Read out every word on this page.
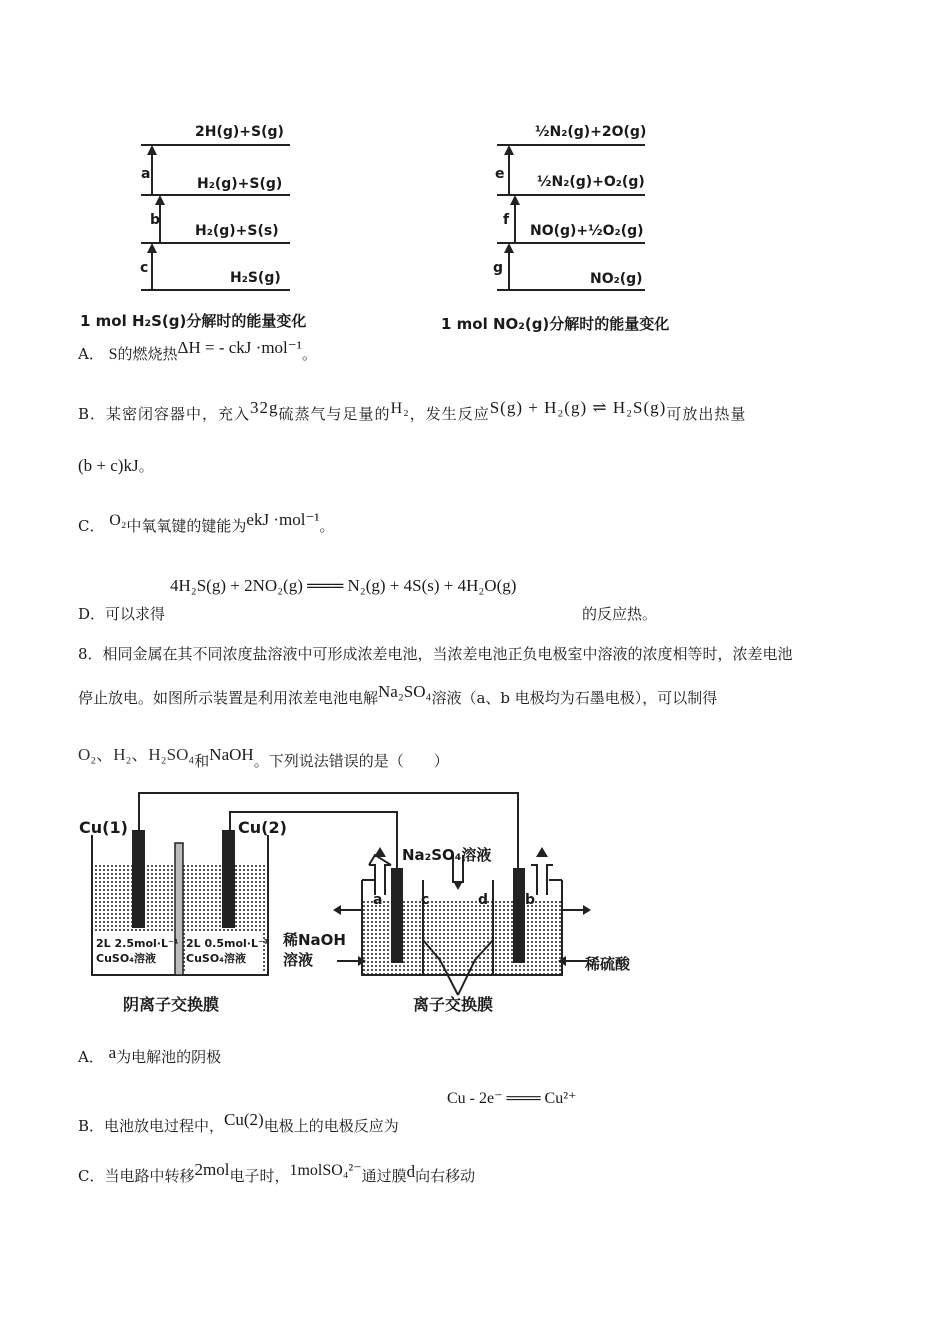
2H(g)+S(g)
H₂(g)+S(g)
H₂(g)+S(s)
H₂S(g)
a
b
c
1 mol H₂S(g)分解时的能量变化
½N₂(g)+2O(g)
½N₂(g)+O₂(g)
NO(g)+½O₂(g)
NO₂(g)
e
f
g
1 mol NO₂(g)分解时的能量变化
A． S的燃烧热ΔH = - ckJ ·mol⁻¹。
B．某密闭容器中，充入32g硫蒸气与足量的H₂，发生反应S(g) + H₂(g) ⇌ H₂S(g)可放出热量
(b + c)kJ。
C． O₂中氧氧键的键能为ekJ ·mol⁻¹。
4H₂S(g) + 2NO₂(g) ═══ N₂(g) + 4S(s) + 4H₂O(g)
D．可以求得	的反应热。
8．相同金属在其不同浓度盐溶液中可形成浓差电池，当浓差电池正负电极室中溶液的浓度相等时，浓差电池
停止放电。如图所示装置是利用浓差电池电解Na₂SO₄溶液（a、b 电极均为石墨电极），可以制得
O₂、H₂、H₂SO₄和NaOH。下列说法错误的是（　　）
Cu(1)	Cu(2)
2L 2.5mol·L⁻¹
CuSO₄溶液
2L 0.5mol·L⁻¹
CuSO₄溶液
阴离子交换膜
Na₂SO₄溶液
a	c	d	b
稀NaOH
溶液	稀硫酸
离子交换膜
A． a为电解池的阴极
Cu - 2e⁻ ═══ Cu²⁺
B．电池放电过程中，Cu(2)电极上的电极反应为
C．当电路中转移2mol电子时，1molSO₄²⁻通过膜d向右移动
